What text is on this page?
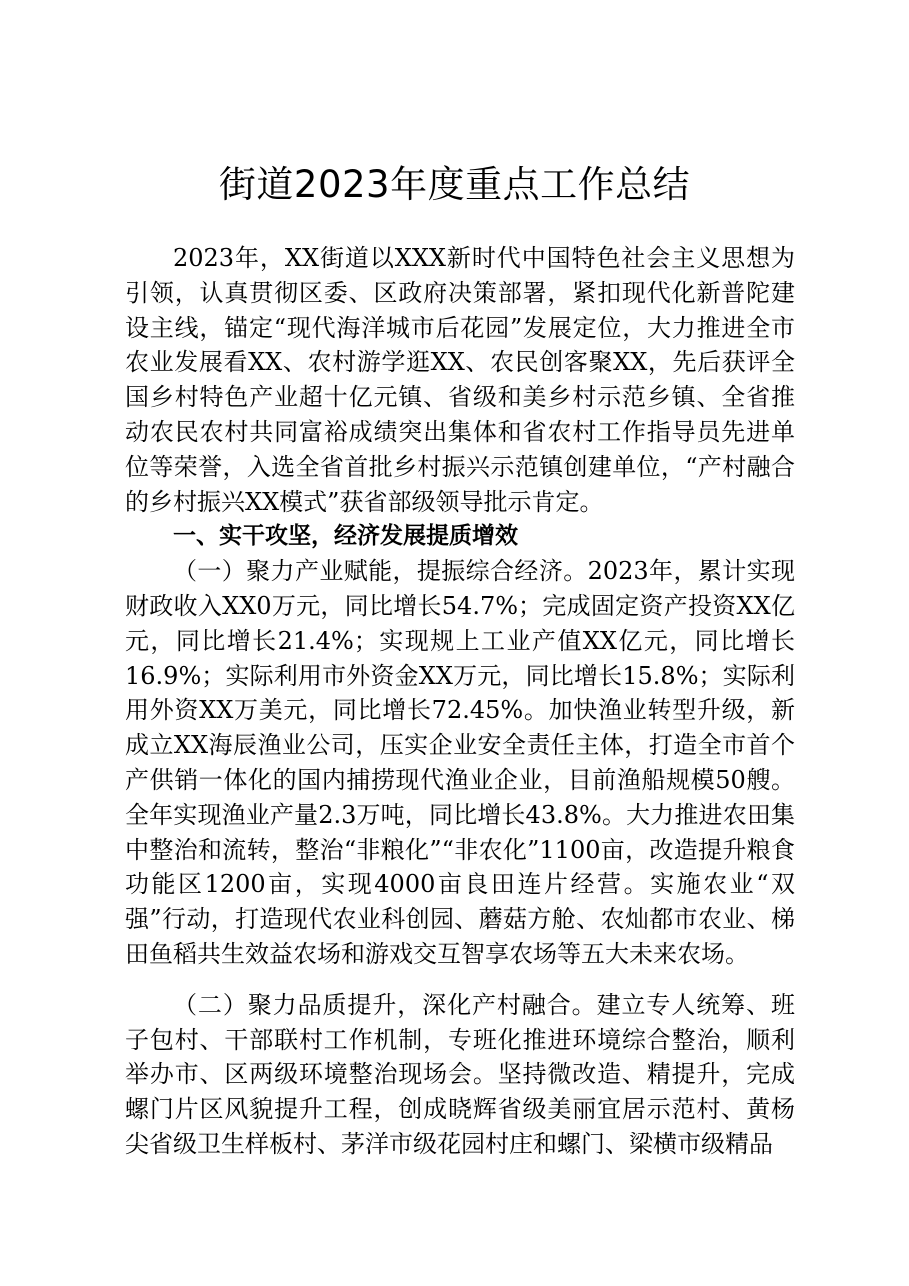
街道2023年度重点工作总结

2023年，XX街道以XXX新时代中国特色社会主义思想为引领，认真贯彻区委、区政府决策部署，紧扣现代化新普陀建设主线，锚定“现代海洋城市后花园”发展定位，大力推进全市农业发展看XX、农村游学逛XX、农民创客聚XX，先后获评全国乡村特色产业超十亿元镇、省级和美乡村示范乡镇、全省推动农民农村共同富裕成绩突出集体和省农村工作指导员先进单位等荣誉，入选全省首批乡村振兴示范镇创建单位，“产村融合的乡村振兴XX模式”获省部级领导批示肯定。

一、实干攻坚，经济发展提质增效

（一）聚力产业赋能，提振综合经济。2023年，累计实现财政收入XX0万元，同比增长54.7%；完成固定资产投资XX亿元，同比增长21.4%；实现规上工业产值XX亿元，同比增长16.9%；实际利用市外资金XX万元，同比增长15.8%；实际利用外资XX万美元，同比增长72.45%。加快渔业转型升级，新成立XX海辰渔业公司，压实企业安全责任主体，打造全市首个产供销一体化的国内捕捞现代渔业企业，目前渔船规模50艘。全年实现渔业产量2.3万吨，同比增长43.8%。大力推进农田集中整治和流转，整治“非粮化”“非农化”1100亩，改造提升粮食功能区1200亩，实现4000亩良田连片经营。实施农业“双强”行动，打造现代农业科创园、蘑菇方舱、农灿都市农业、梯田鱼稻共生效益农场和游戏交互智享农场等五大未来农场。

（二）聚力品质提升，深化产村融合。建立专人统筹、班子包村、干部联村工作机制，专班化推进环境综合整治，顺利举办市、区两级环境整治现场会。坚持微改造、精提升，完成螺门片区风貌提升工程，创成晓辉省级美丽宜居示范村、黄杨尖省级卫生样板村、茅洋市级花园村庄和螺门、梁横市级精品
